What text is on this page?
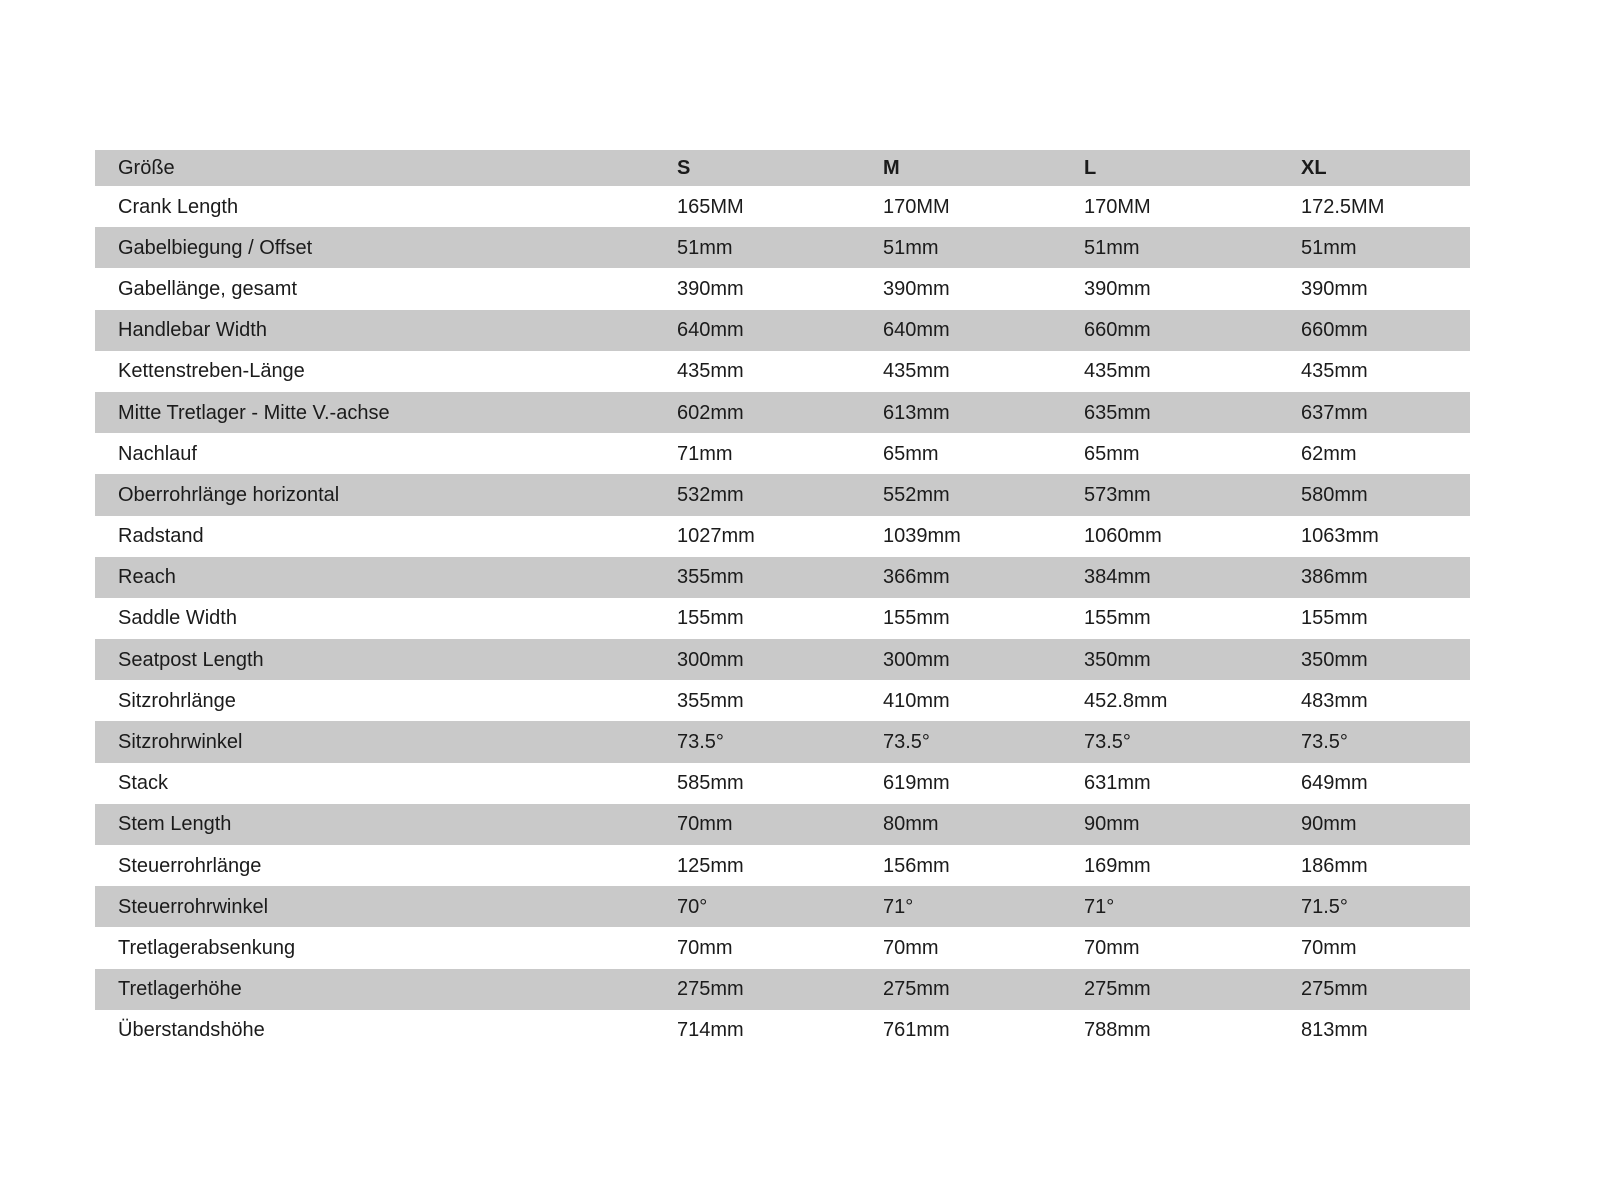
Größe	S	M	L	XL
Crank Length	165MM	170MM	170MM	172.5MM
Gabelbiegung / Offset	51mm	51mm	51mm	51mm
Gabellänge, gesamt	390mm	390mm	390mm	390mm
Handlebar Width	640mm	640mm	660mm	660mm
Kettenstreben-Länge	435mm	435mm	435mm	435mm
Mitte Tretlager - Mitte V.-achse	602mm	613mm	635mm	637mm
Nachlauf	71mm	65mm	65mm	62mm
Oberrohrlänge horizontal	532mm	552mm	573mm	580mm
Radstand	1027mm	1039mm	1060mm	1063mm
Reach	355mm	366mm	384mm	386mm
Saddle Width	155mm	155mm	155mm	155mm
Seatpost Length	300mm	300mm	350mm	350mm
Sitzrohrlänge	355mm	410mm	452.8mm	483mm
Sitzrohrwinkel	73.5°	73.5°	73.5°	73.5°
Stack	585mm	619mm	631mm	649mm
Stem Length	70mm	80mm	90mm	90mm
Steuerrohrlänge	125mm	156mm	169mm	186mm
Steuerrohrwinkel	70°	71°	71°	71.5°
Tretlagerabsenkung	70mm	70mm	70mm	70mm
Tretlagerhöhe	275mm	275mm	275mm	275mm
Überstandshöhe	714mm	761mm	788mm	813mm
